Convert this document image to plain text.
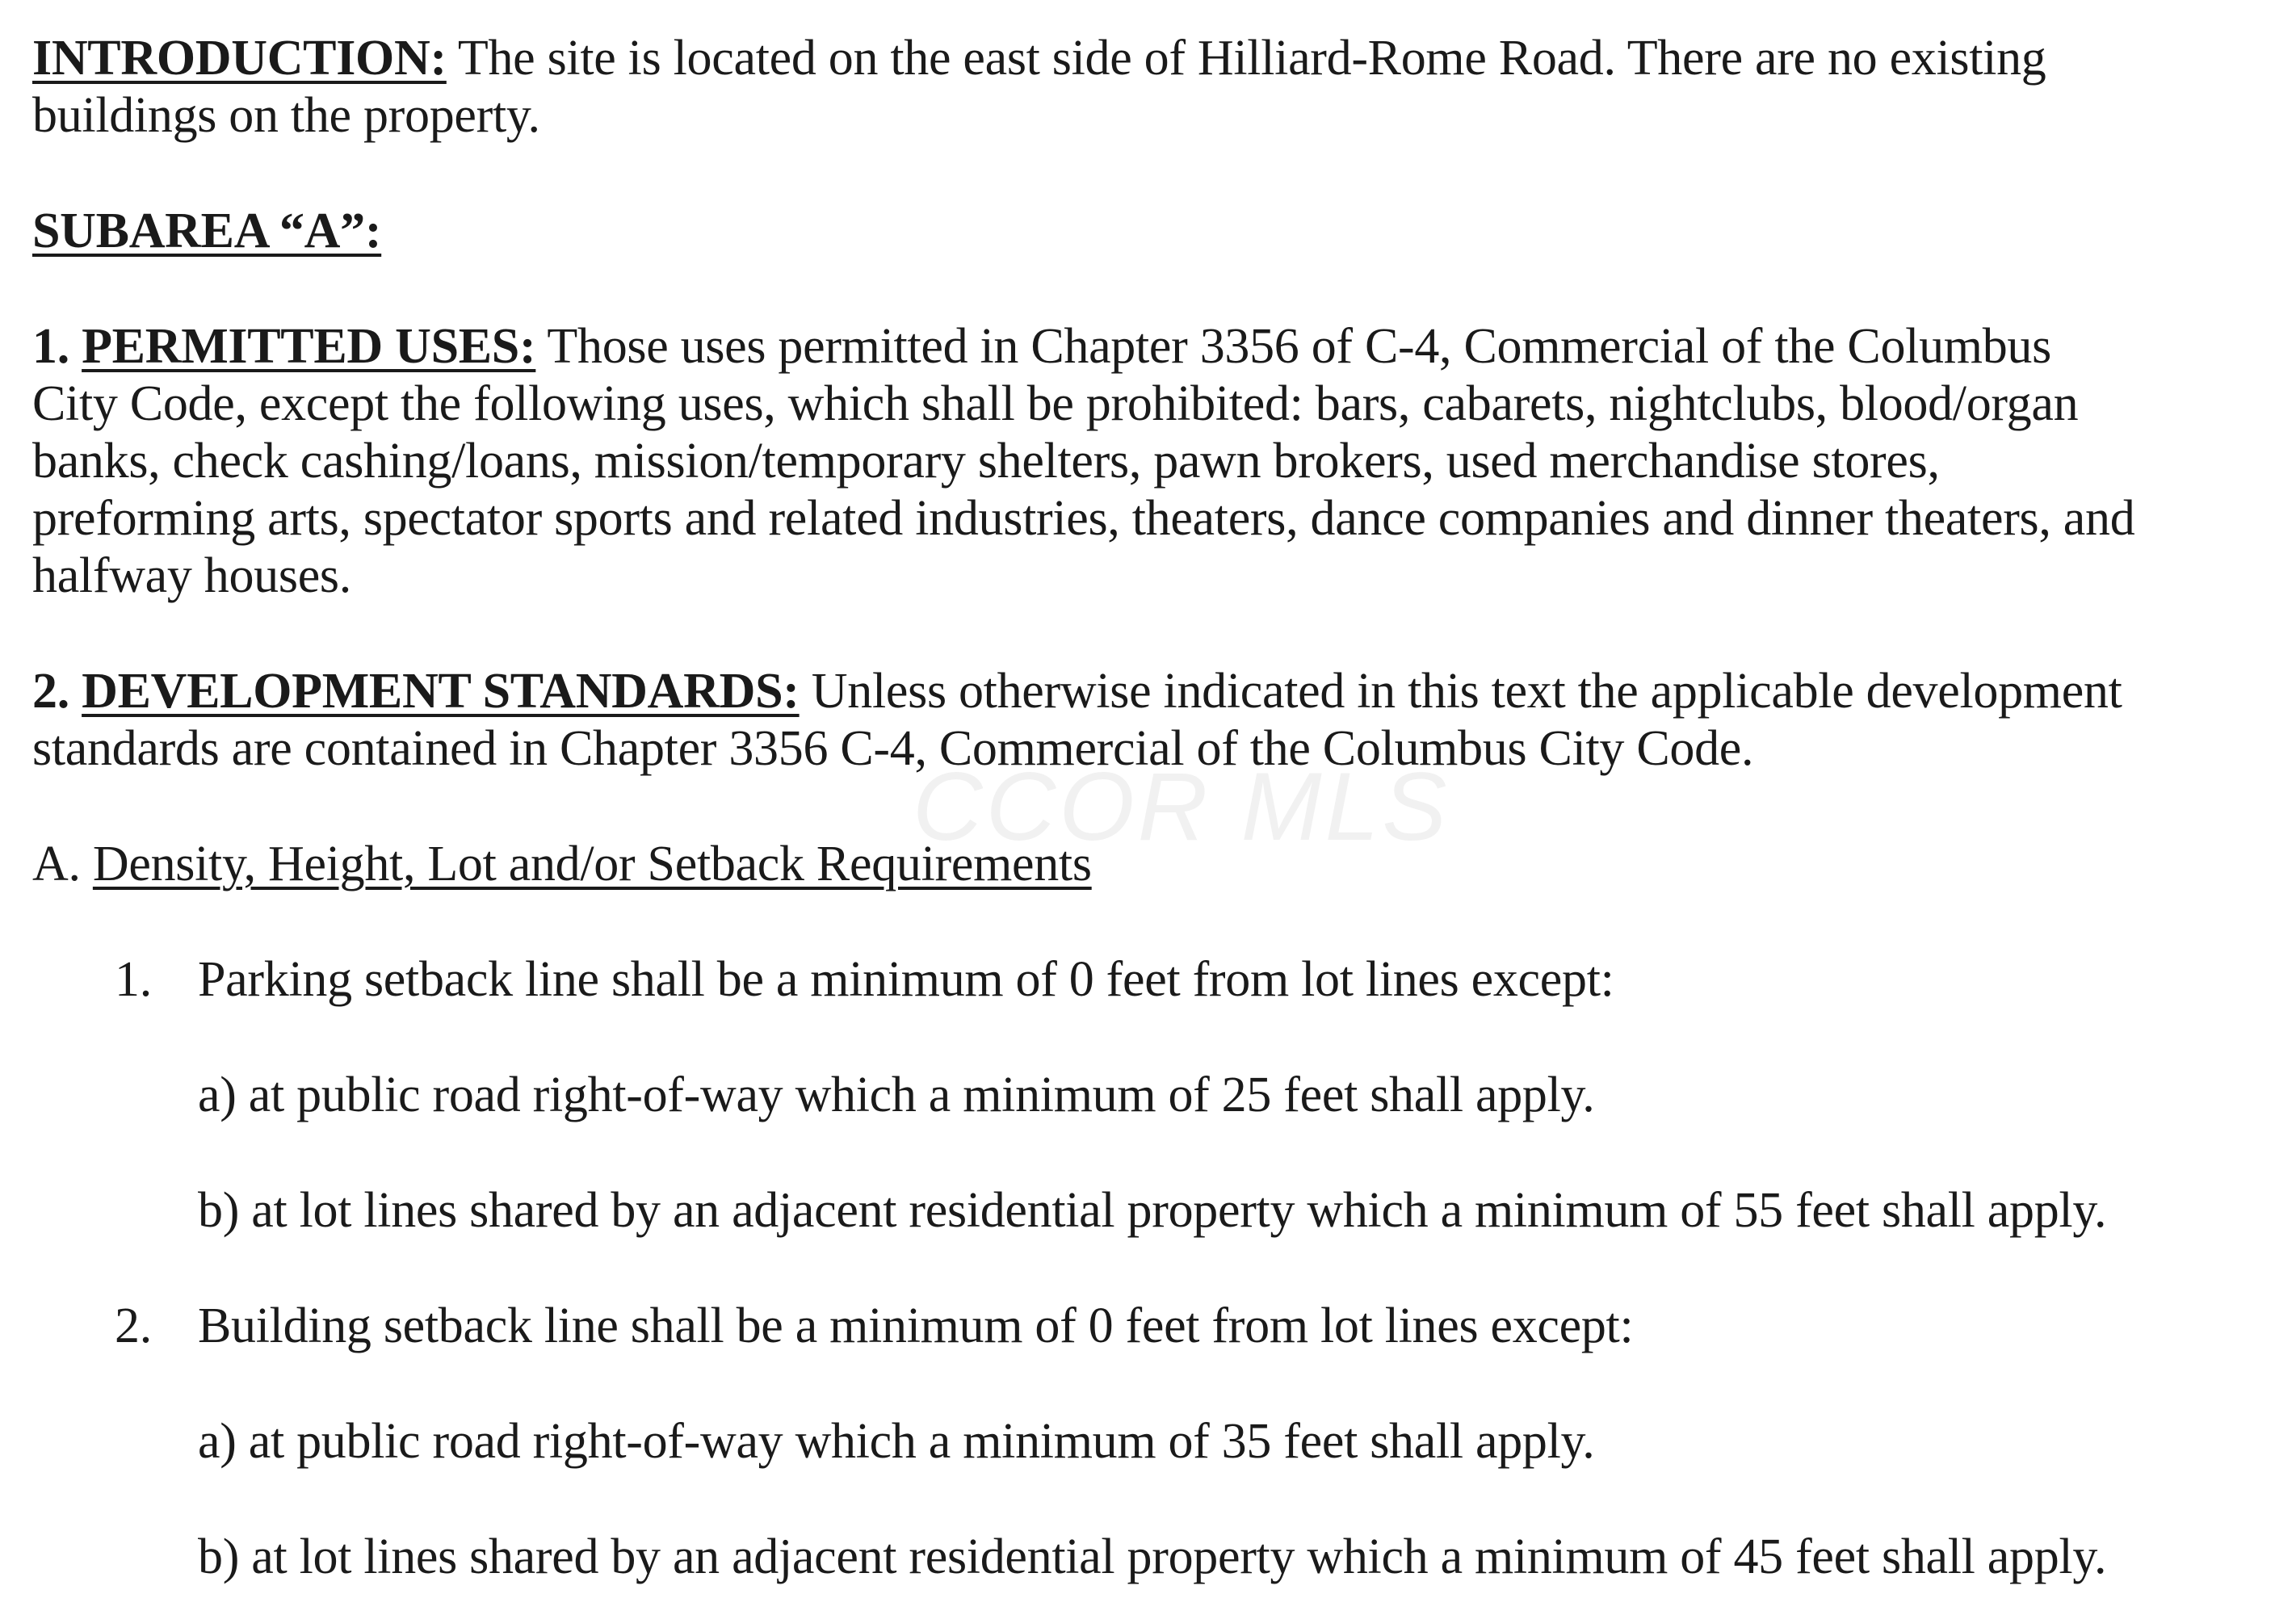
CCOR MLS
INTRODUCTION: The site is located on the east side of Hilliard-Rome Road. There are no existing
buildings on the property.
SUBAREA “A”:
1. PERMITTED USES: Those uses permitted in Chapter 3356 of C-4, Commercial of the Columbus
City Code, except the following uses, which shall be prohibited: bars, cabarets, nightclubs, blood/organ
banks, check cashing/loans, mission/temporary shelters, pawn brokers, used merchandise stores,
preforming arts, spectator sports and related industries, theaters, dance companies and dinner theaters, and
halfway houses.
2. DEVELOPMENT STANDARDS: Unless otherwise indicated in this text the applicable development
standards are contained in Chapter 3356 C-4, Commercial of the Columbus City Code.
A. Density, Height, Lot and/or Setback Requirements
1. Parking setback line shall be a minimum of 0 feet from lot lines except:
a) at public road right-of-way which a minimum of 25 feet shall apply.
b) at lot lines shared by an adjacent residential property which a minimum of 55 feet shall apply.
2. Building setback line shall be a minimum of 0 feet from lot lines except:
a) at public road right-of-way which a minimum of 35 feet shall apply.
b) at lot lines shared by an adjacent residential property which a minimum of 45 feet shall apply.
